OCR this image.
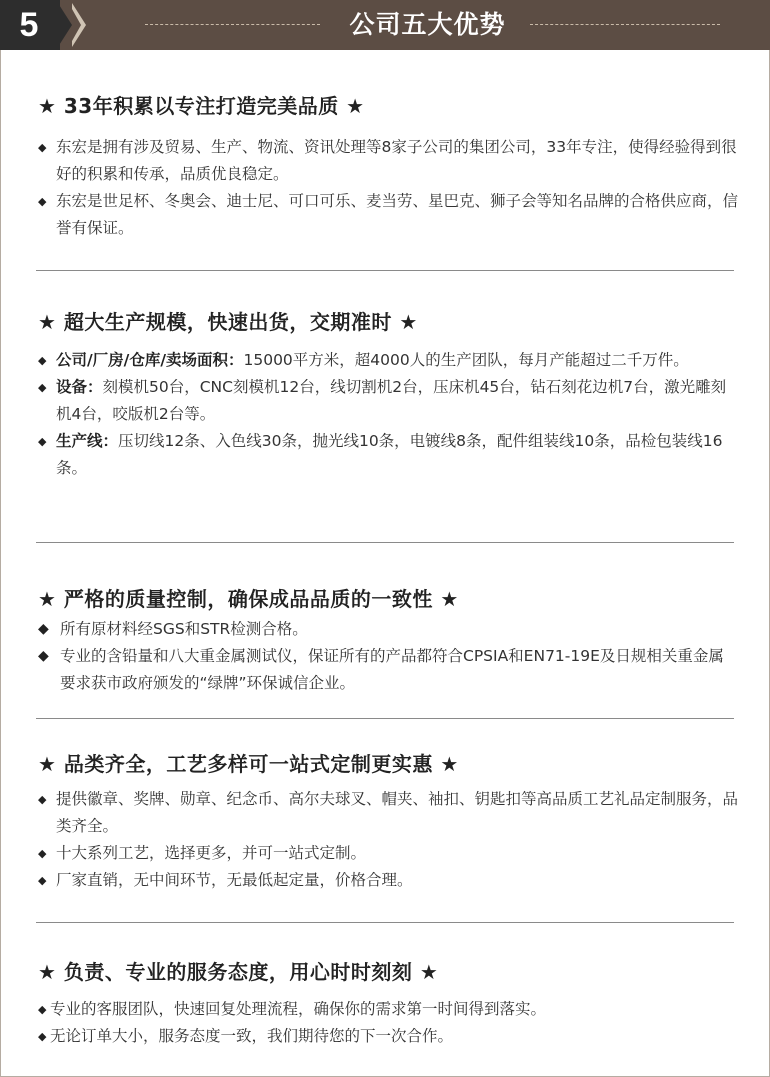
5	公司五大优势
★ 33年积累以专注打造完美品质 ★
◆ 东宏是拥有涉及贸易、生产、物流、资讯处理等8家子公司的集团公司，33年专注，使得经验得到很好的积累和传承，品质优良稳定。
◆ 东宏是世足杯、冬奥会、迪士尼、可口可乐、麦当劳、星巴克、狮子会等知名品牌的合格供应商，信誉有保证。
★ 超大生产规模，快速出货，交期准时 ★
◆ 公司/厂房/仓库/卖场面积：15000平方米，超4000人的生产团队，每月产能超过二千万件。
◆ 设备：刻模机50台，CNC刻模机12台，线切割机2台，压床机45台，钻石刻花边机7台，激光雕刻机4台，咬版机2台等。
◆ 生产线：压切线12条、入色线30条，抛光线10条，电镀线8条，配件组装线10条，品检包装线16条。
★ 严格的质量控制，确保成品品质的一致性 ★
◆ 所有原材料经SGS和STR检测合格。
◆ 专业的含铅量和八大重金属测试仪，保证所有的产品都符合CPSIA和EN71-19E及日规相关重金属要求获市政府颁发的“绿牌”环保诚信企业。
★ 品类齐全，工艺多样可一站式定制更实惠 ★
◆ 提供徽章、奖牌、勋章、纪念币、高尔夫球叉、帽夹、袖扣、钥匙扣等高品质工艺礼品定制服务，品类齐全。
◆ 十大系列工艺，选择更多，并可一站式定制。
◆ 厂家直销，无中间环节，无最低起定量，价格合理。
★ 负责、专业的服务态度，用心时时刻刻 ★
◆ 专业的客服团队，快速回复处理流程，确保你的需求第一时间得到落实。
◆ 无论订单大小，服务态度一致，我们期待您的下一次合作。
